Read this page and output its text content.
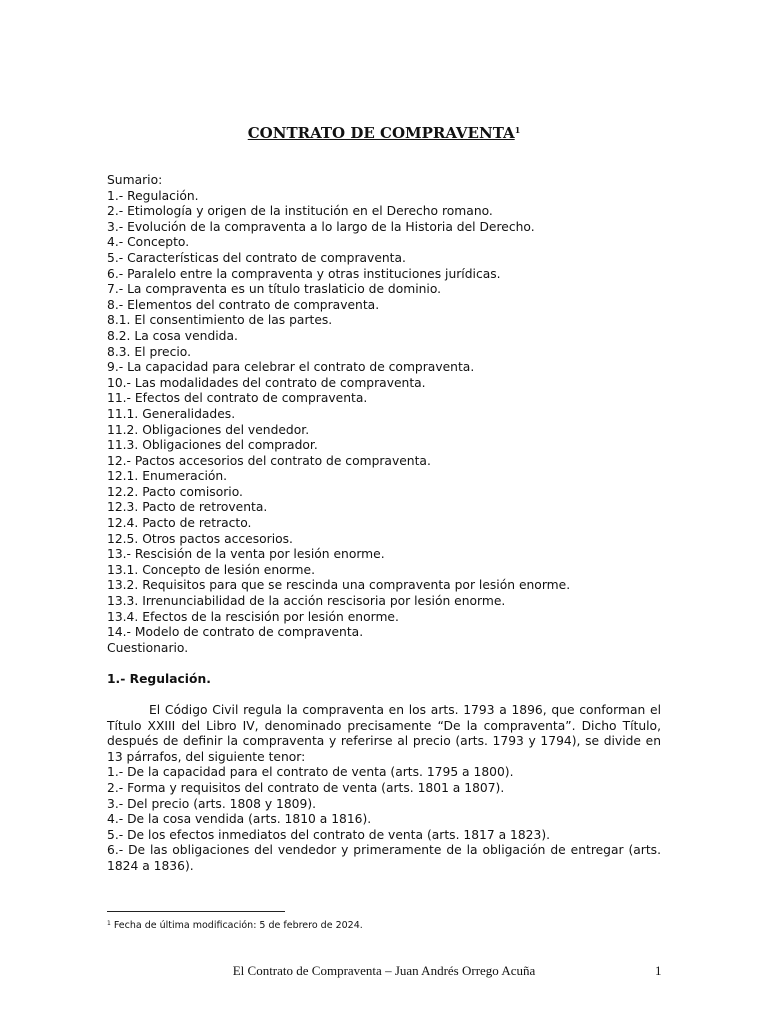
CONTRATO DE COMPRAVENTA$^1$
Sumario:
1.- Regulación.
2.- Etimología y origen de la institución en el Derecho romano.
3.- Evolución de la compraventa a lo largo de la Historia del Derecho.
4.- Concepto.
5.- Características del contrato de compraventa.
6.- Paralelo entre la compraventa y otras instituciones jurídicas.
7.- La compraventa es un título traslaticio de dominio.
8.- Elementos del contrato de compraventa.
8.1. El consentimiento de las partes.
8.2. La cosa vendida.
8.3. El precio.
9.- La capacidad para celebrar el contrato de compraventa.
10.- Las modalidades del contrato de compraventa.
11.- Efectos del contrato de compraventa.
11.1. Generalidades.
11.2. Obligaciones del vendedor.
11.3. Obligaciones del comprador.
12.- Pactos accesorios del contrato de compraventa.
12.1. Enumeración.
12.2. Pacto comisorio.
12.3. Pacto de retroventa.
12.4. Pacto de retracto.
12.5. Otros pactos accesorios.
13.- Rescisión de la venta por lesión enorme.
13.1. Concepto de lesión enorme.
13.2. Requisitos para que se rescinda una compraventa por lesión enorme.
13.3. Irrenunciabilidad de la acción rescisoria por lesión enorme.
13.4. Efectos de la rescisión por lesión enorme.
14.- Modelo de contrato de compraventa.
Cuestionario.
1.- Regulación.
El Código Civil regula la compraventa en los arts. 1793 a 1896, que conforman el Título XXIII del Libro IV, denominado precisamente “De la compraventa”. Dicho Título, después de definir la compraventa y referirse al precio (arts. 1793 y 1794), se divide en 13 párrafos, del siguiente tenor:
1.- De la capacidad para el contrato de venta (arts. 1795 a 1800).
2.- Forma y requisitos del contrato de venta (arts. 1801 a 1807).
3.- Del precio (arts. 1808 y 1809).
4.- De la cosa vendida (arts. 1810 a 1816).
5.- De los efectos inmediatos del contrato de venta (arts. 1817 a 1823).
6.- De las obligaciones del vendedor y primeramente de la obligación de entregar (arts. 1824 a 1836).
$^1$ Fecha de última modificación: 5 de febrero de 2024.
El Contrato de Compraventa – Juan Andrés Orrego Acuña	1
